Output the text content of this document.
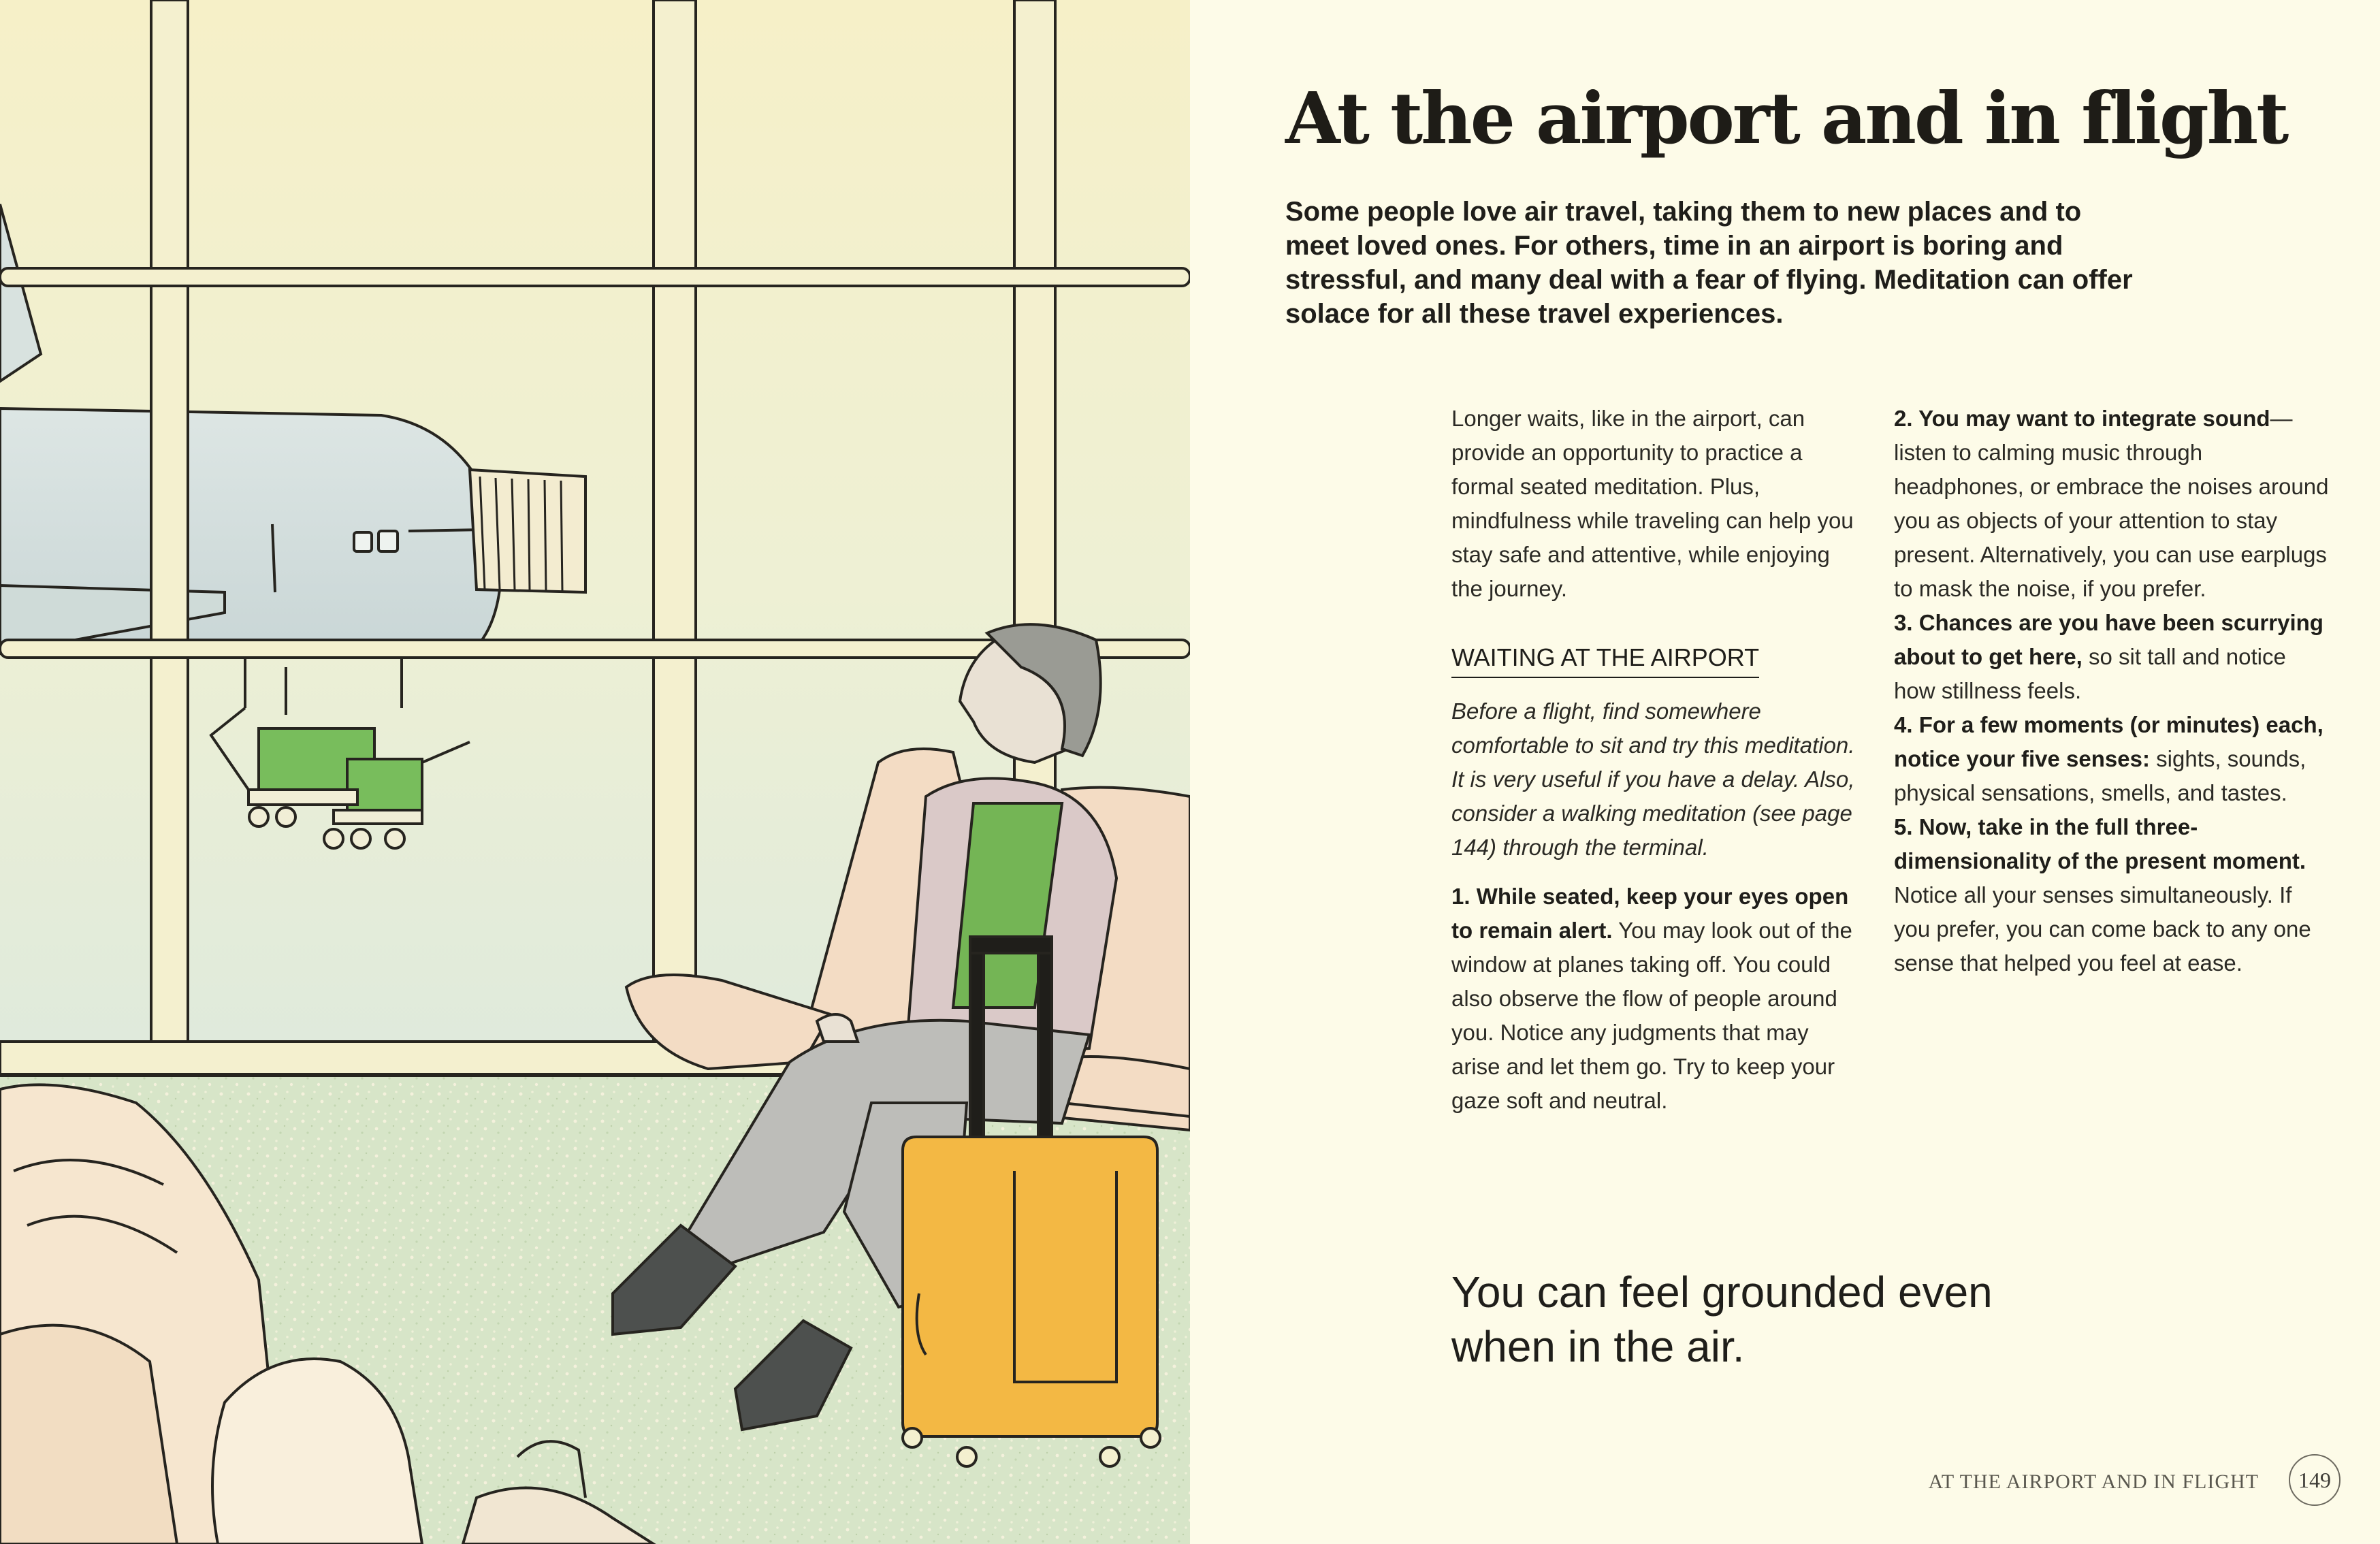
At the airport and in flight

Some people love air travel, taking them to new places and to meet loved ones. For others, time in an airport is boring and stressful, and many deal with a fear of flying. Meditation can offer solace for all these travel experiences.

Longer waits, like in the airport, can provide an opportunity to practice a formal seated meditation. Plus, mindfulness while traveling can help you stay safe and attentive, while enjoying the journey.

WAITING AT THE AIRPORT

Before a flight, find somewhere comfortable to sit and try this meditation. It is very useful if you have a delay. Also, consider a walking meditation (see page 144) through the terminal.

1. While seated, keep your eyes open to remain alert. You may look out of the window at planes taking off. You could also observe the flow of people around you. Notice any judgments that may arise and let them go. Try to keep your gaze soft and neutral.

2. You may want to integrate sound—listen to calming music through headphones, or embrace the noises around you as objects of your attention to stay present. Alternatively, you can use earplugs to mask the noise, if you prefer.

3. Chances are you have been scurrying about to get here, so sit tall and notice how stillness feels.

4. For a few moments (or minutes) each, notice your five senses: sights, sounds, physical sensations, smells, and tastes.

5. Now, take in the full three-dimensionality of the present moment. Notice all your senses simultaneously. If you prefer, you can come back to any one sense that helped you feel at ease.

You can feel grounded even when in the air.

AT THE AIRPORT AND IN FLIGHT	149
